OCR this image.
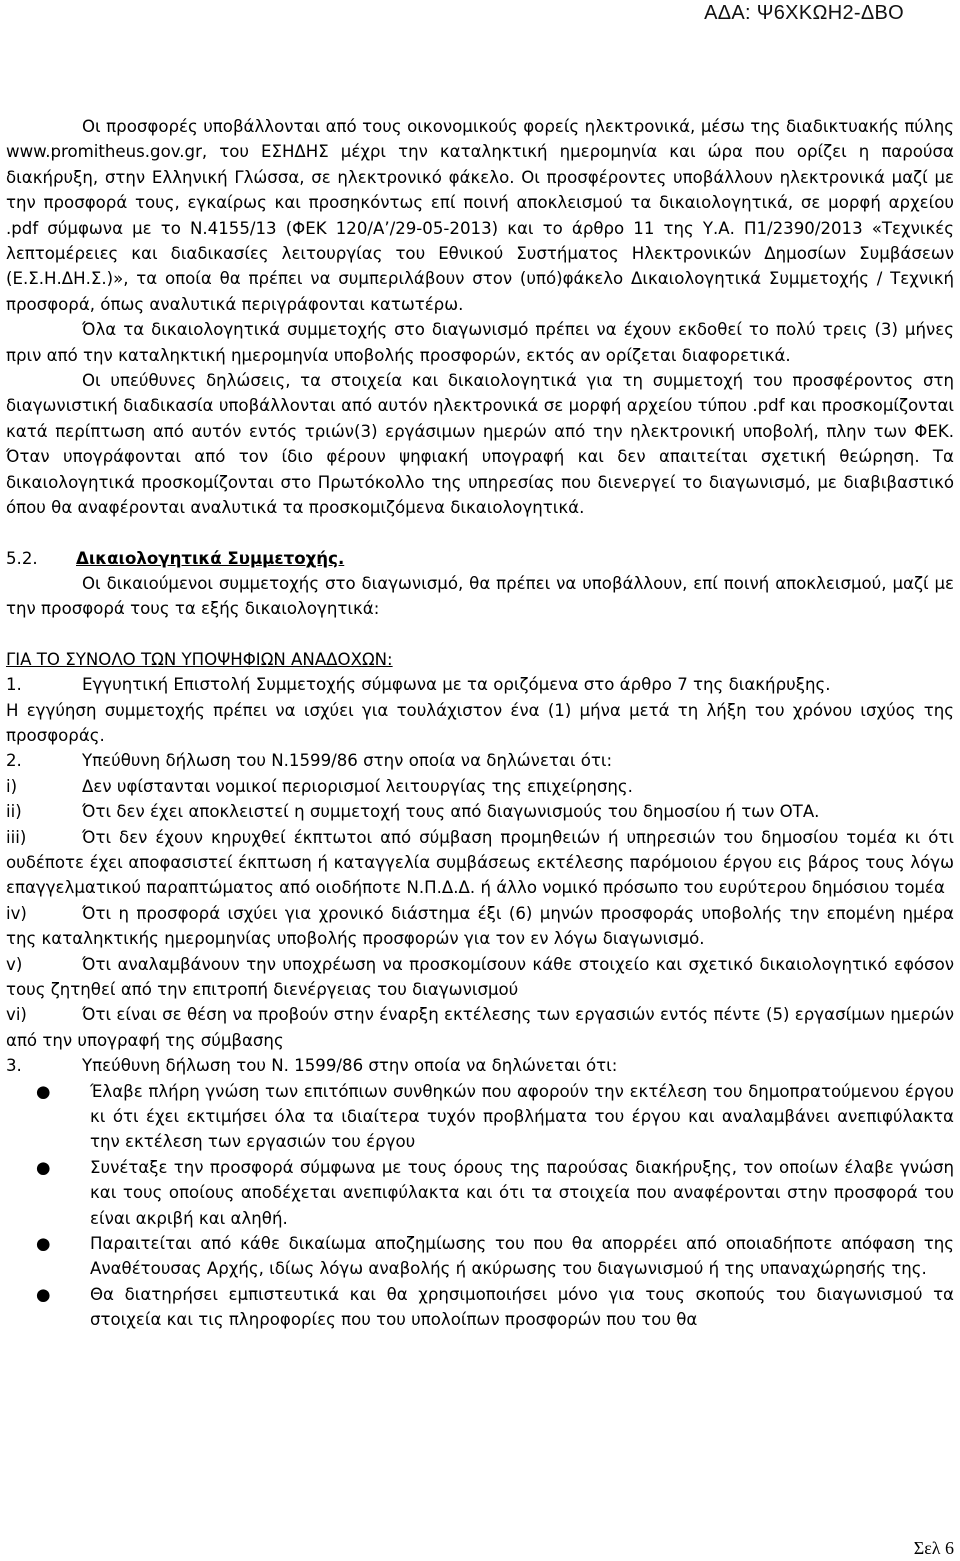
ΑΔΑ: Ψ6ΧΚΩΗ2-ΔΒΟ

Οι προσφορές υποβάλλονται από τους οικονομικούς φορείς ηλεκτρονικά, μέσω της διαδικτυακής πύλης www.promitheus.gov.gr, του ΕΣΗΔΗΣ μέχρι την καταληκτική ημερομηνία και ώρα που ορίζει η παρούσα διακήρυξη, στην Ελληνική Γλώσσα, σε ηλεκτρονικό φάκελο. Οι προσφέροντες υποβάλλουν ηλεκτρονικά μαζί με την προσφορά τους, εγκαίρως και προσηκόντως επί ποινή αποκλεισμού τα δικαιολογητικά, σε μορφή αρχείου .pdf σύμφωνα με το Ν.4155/13 (ΦΕΚ 120/Α’/29-05-2013) και το άρθρο 11 της Υ.Α. Π1/2390/2013 «Τεχνικές λεπτομέρειες και διαδικασίες λειτουργίας του Εθνικού Συστήματος Ηλεκτρονικών Δημοσίων Συμβάσεων (Ε.Σ.Η.ΔΗ.Σ.)», τα οποία θα πρέπει να συμπεριλάβουν στον (υπό)φάκελο Δικαιολογητικά Συμμετοχής / Τεχνική προσφορά, όπως αναλυτικά περιγράφονται κατωτέρω.

Όλα τα δικαιολογητικά συμμετοχής στο διαγωνισμό πρέπει να έχουν εκδοθεί το πολύ τρεις (3) μήνες πριν από την καταληκτική ημερομηνία υποβολής προσφορών, εκτός αν ορίζεται διαφορετικά.

Οι υπεύθυνες δηλώσεις, τα στοιχεία και δικαιολογητικά για τη συμμετοχή του προσφέροντος στη διαγωνιστική διαδικασία υποβάλλονται από αυτόν ηλεκτρονικά σε μορφή αρχείου τύπου .pdf και προσκομίζονται κατά περίπτωση από αυτόν εντός τριών(3) εργάσιμων ημερών από την ηλεκτρονική υποβολή, πλην των ΦΕΚ. Όταν υπογράφονται από τον ίδιο φέρουν ψηφιακή υπογραφή και δεν απαιτείται σχετική θεώρηση. Τα δικαιολογητικά προσκομίζονται στο Πρωτόκολλο της υπηρεσίας που διενεργεί το διαγωνισμό, με διαβιβαστικό όπου θα αναφέρονται αναλυτικά τα προσκομιζόμενα δικαιολογητικά.

5.2. Δικαιολογητικά Συμμετοχής.

Οι δικαιούμενοι συμμετοχής στο διαγωνισμό, θα πρέπει να υποβάλλουν, επί ποινή αποκλεισμού, μαζί με την προσφορά τους τα εξής δικαιολογητικά:

ΓΙΑ ΤΟ ΣΥΝΟΛΟ ΤΩΝ ΥΠΟΨΗΦΙΩΝ ΑΝΑΔΟΧΩΝ:

1.	Εγγυητική Επιστολή Συμμετοχής σύμφωνα με τα οριζόμενα στο άρθρο 7 της διακήρυξης.

Η εγγύηση συμμετοχής πρέπει να ισχύει για τουλάχιστον ένα (1) μήνα μετά τη λήξη του χρόνου ισχύος της προσφοράς.

2.	Υπεύθυνη δήλωση του Ν.1599/86 στην οποία να δηλώνεται ότι:

i)	Δεν υφίστανται νομικοί περιορισμοί λειτουργίας της επιχείρησης.

ii)	Ότι δεν έχει αποκλειστεί η συμμετοχή τους από διαγωνισμούς του δημοσίου ή των ΟΤΑ.

iii)	Ότι δεν έχουν κηρυχθεί έκπτωτοι από σύμβαση προμηθειών ή υπηρεσιών του δημοσίου τομέα κι ότι ουδέποτε έχει αποφασιστεί έκπτωση ή καταγγελία συμβάσεως εκτέλεσης παρόμοιου έργου εις βάρος τους λόγω επαγγελματικού παραπτώματος από οιοδήποτε Ν.Π.Δ.Δ. ή άλλο νομικό πρόσωπο του ευρύτερου δημόσιου τομέα

iv)	Ότι η προσφορά ισχύει για χρονικό διάστημα έξι (6) μηνών προσφοράς υποβολής την επομένη ημέρα της καταληκτικής ημερομηνίας υποβολής προσφορών για τον εν λόγω διαγωνισμό.

v)	Ότι αναλαμβάνουν την υποχρέωση να προσκομίσουν κάθε στοιχείο και σχετικό δικαιολογητικό εφόσον τους ζητηθεί από την επιτροπή διενέργειας του διαγωνισμού

vi)	Ότι είναι σε θέση να προβούν στην έναρξη εκτέλεσης των εργασιών εντός πέντε (5) εργασίμων ημερών από την υπογραφή της σύμβασης

3.	Υπεύθυνη δήλωση του Ν. 1599/86 στην οποία να δηλώνεται ότι:

● Έλαβε πλήρη γνώση των επιτόπιων συνθηκών που αφορούν την εκτέλεση του δημοπρατούμενου έργου κι ότι έχει εκτιμήσει όλα τα ιδιαίτερα τυχόν προβλήματα του έργου και αναλαμβάνει ανεπιφύλακτα την εκτέλεση των εργασιών του έργου
● Συνέταξε την προσφορά σύμφωνα με τους όρους της παρούσας διακήρυξης, τον οποίων έλαβε γνώση και τους οποίους αποδέχεται ανεπιφύλακτα και ότι τα στοιχεία που αναφέρονται στην προσφορά του είναι ακριβή και αληθή.
● Παραιτείται από κάθε δικαίωμα αποζημίωσης του που θα απορρέει από οποιαδήποτε απόφαση της Αναθέτουσας Αρχής, ιδίως λόγω αναβολής ή ακύρωσης του διαγωνισμού ή της υπαναχώρησής της.
● Θα διατηρήσει εμπιστευτικά και θα χρησιμοποιήσει μόνο για τους σκοπούς του διαγωνισμού τα στοιχεία και τις πληροφορίες που του υπολοίπων προσφορών που του θα
Σελ 6
